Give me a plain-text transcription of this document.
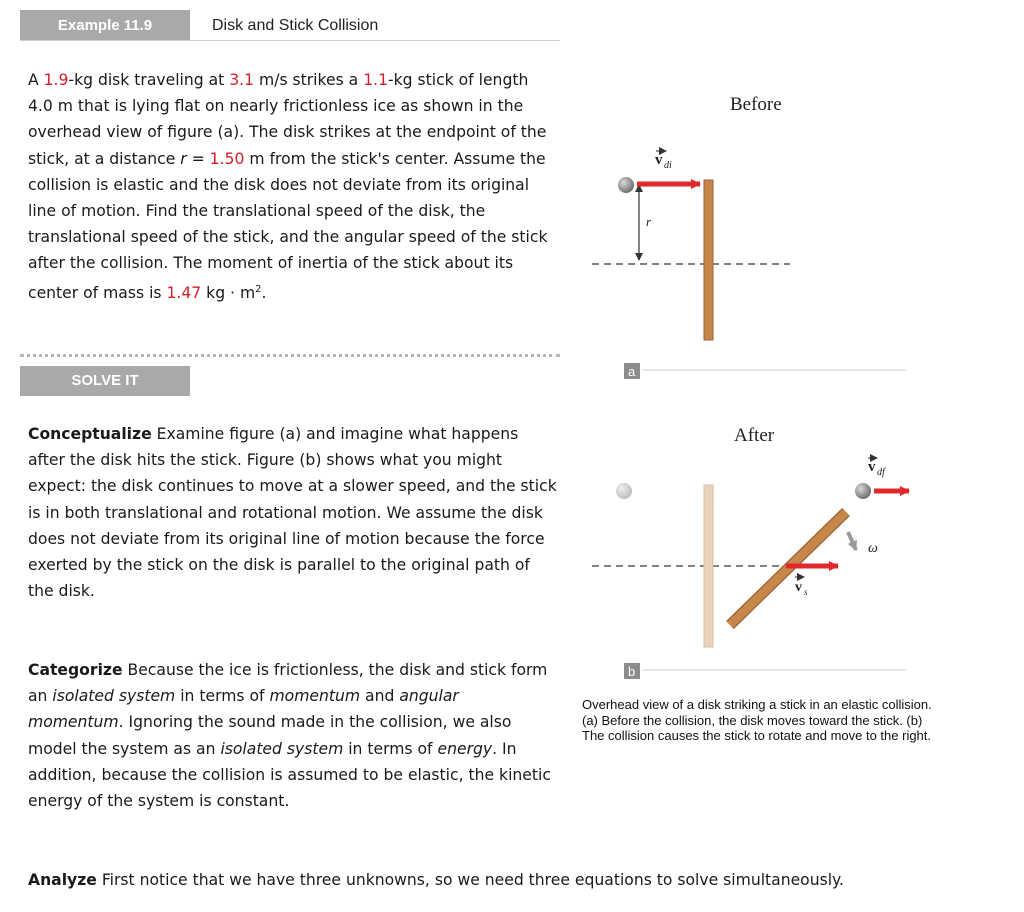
Example 11.9	Disk and Stick Collision

A 1.9-kg disk traveling at 3.1 m/s strikes a 1.1-kg stick of length 4.0 m that is lying flat on nearly frictionless ice as shown in the overhead view of figure (a). The disk strikes at the endpoint of the stick, at a distance r = 1.50 m from the stick's center. Assume the collision is elastic and the disk does not deviate from its original line of motion. Find the translational speed of the disk, the translational speed of the stick, and the angular speed of the stick after the collision. The moment of inertia of the stick about its center of mass is 1.47 kg · $m^2$.

SOLVE IT

Conceptualize Examine figure (a) and imagine what happens after the disk hits the stick. Figure (b) shows what you might expect: the disk continues to move at a slower speed, and the stick is in both translational and rotational motion. We assume the disk does not deviate from its original line of motion because the force exerted by the stick on the disk is parallel to the original path of the disk.

Categorize Because the ice is frictionless, the disk and stick form an isolated system in terms of momentum and angular momentum. Ignoring the sound made in the collision, we also model the system as an isolated system in terms of energy. In addition, because the collision is assumed to be elastic, the kinetic energy of the system is constant.

Analyze First notice that we have three unknowns, so we need three equations to solve simultaneously.

Before
r
v di
a
After
v s
ω
v df
b

Overhead view of a disk striking a stick in an elastic collision. (a) Before the collision, the disk moves toward the stick. (b) The collision causes the stick to rotate and move to the right.
